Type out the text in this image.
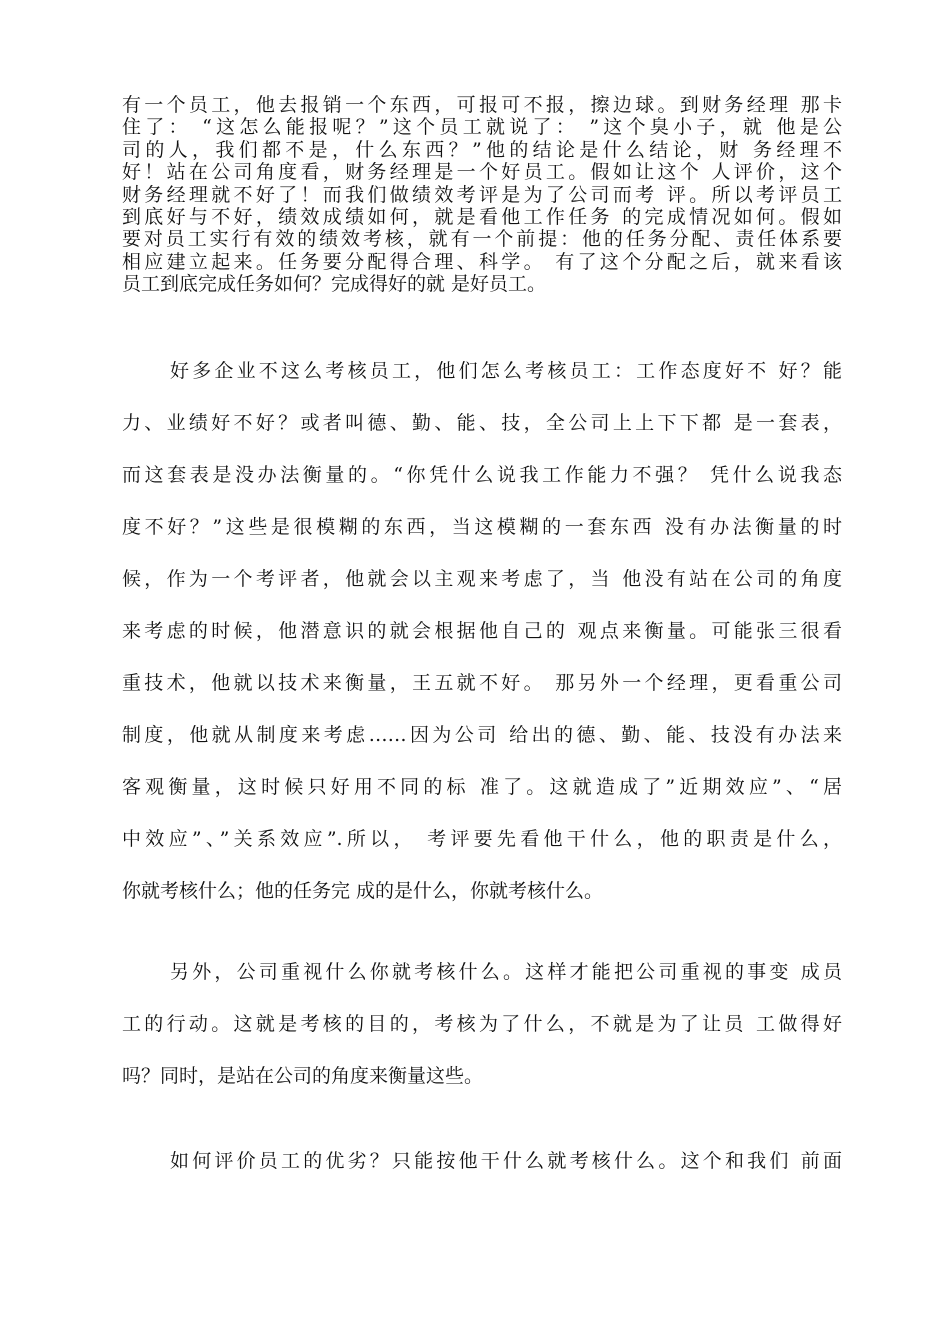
有一个员工，他去报销一个东西，可报可不报，擦边球。到财务经理 那卡
住了： “这怎么能报呢？”这个员工就说了： ”这个臭小子，就 他是公
司的人，我们都不是，什么东西？”他的结论是什么结论，财 务经理不
好！站在公司角度看，财务经理是一个好员工。假如让这个 人评价，这个
财务经理就不好了！而我们做绩效考评是为了公司而考 评。所以考评员工
到底好与不好，绩效成绩如何，就是看他工作任务 的完成情况如何。假如
要对员工实行有效的绩效考核，就有一个前提：他的任务分配、责任体系要
相应建立起来。任务要分配得合理、科学。 有了这个分配之后，就来看该
员工到底完成任务如何？完成得好的就 是好员工。
好多企业不这么考核员工，他们怎么考核员工：工作态度好不 好？能
力、业绩好不好？或者叫德、勤、能、技，全公司上上下下都 是一套表，
而这套表是没办法衡量的。“你凭什么说我工作能力不强？ 凭什么说我态
度不好？”这些是很模糊的东西，当这模糊的一套东西 没有办法衡量的时
候，作为一个考评者，他就会以主观来考虑了，当 他没有站在公司的角度
来考虑的时候，他潜意识的就会根据他自己的 观点来衡量。可能张三很看
重技术，他就以技术来衡量，王五就不好。 那另外一个经理，更看重公司
制度，他就从制度来考虑……因为公司 给出的德、勤、能、技没有办法来
客观衡量，这时候只好用不同的标 准了。这就造成了”近期效应”、“居
中效应”、”关系效应”.所以， 考评要先看他干什么，他的职责是什么，
你就考核什么；他的任务完 成的是什么，你就考核什么。
另外，公司重视什么你就考核什么。这样才能把公司重视的事变 成员
工的行动。这就是考核的目的，考核为了什么，不就是为了让员 工做得好
吗？同时，是站在公司的角度来衡量这些。
如何评价员工的优劣？只能按他干什么就考核什么。这个和我们 前面
